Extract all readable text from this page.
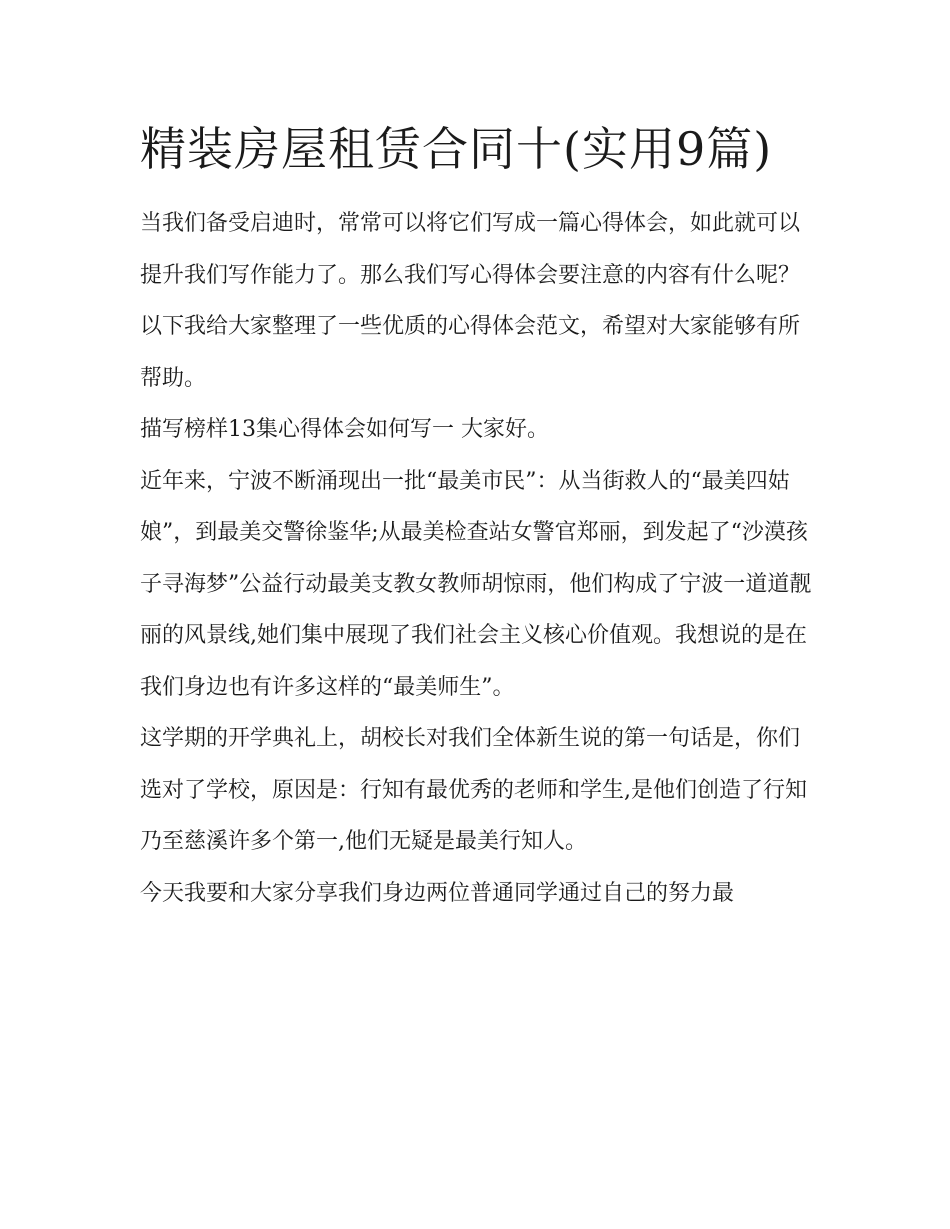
精装房屋租赁合同十(实用9篇)

当我们备受启迪时，常常可以将它们写成一篇心得体会，如此就可以提升我们写作能力了。那么我们写心得体会要注意的内容有什么呢？以下我给大家整理了一些优质的心得体会范文，希望对大家能够有所帮助。

描写榜样13集心得体会如何写一 大家好。

近年来，宁波不断涌现出一批“最美市民”：从当街救人的“最美四姑娘”，到最美交警徐鉴华;从最美检查站女警官郑丽，到发起了“沙漠孩子寻海梦”公益行动最美支教女教师胡惊雨，他们构成了宁波一道道靓丽的风景线,她们集中展现了我们社会主义核心价值观。我想说的是在我们身边也有许多这样的“最美师生”。

这学期的开学典礼上，胡校长对我们全体新生说的第一句话是，你们选对了学校，原因是：行知有最优秀的老师和学生,是他们创造了行知乃至慈溪许多个第一,他们无疑是最美行知人。

今天我要和大家分享我们身边两位普通同学通过自己的努力最
